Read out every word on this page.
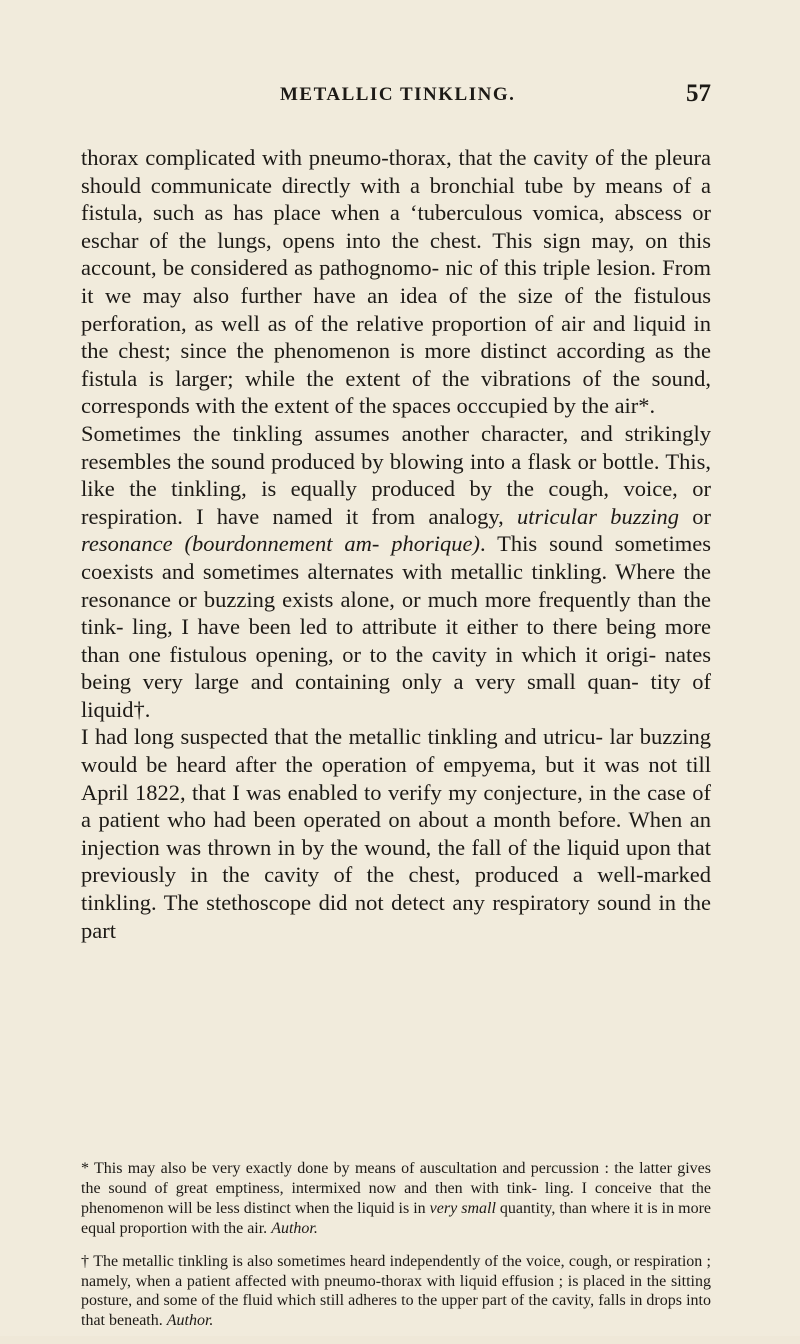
METALLIC TINKLING.	57

thorax complicated with pneumo-thorax, that the cavity of the pleura should communicate directly with a bronchial tube by means of a fistula, such as has place when a ‘tuberculous vomica, abscess or eschar of the lungs, opens into the chest. This sign may, on this account, be considered as pathognomo- nic of this triple lesion. From it we may also further have an idea of the size of the fistulous perforation, as well as of the relative proportion of air and liquid in the chest; since the phenomenon is more distinct according as the fistula is larger; while the extent of the vibrations of the sound, corresponds with the extent of the spaces occcupied by the air*.

Sometimes the tinkling assumes another character, and strikingly resembles the sound produced by blowing into a flask or bottle. This, like the tinkling, is equally produced by the cough, voice, or respiration. I have named it from analogy, utricular buzzing or resonance (bourdonnement am- phorique). This sound sometimes coexists and sometimes alternates with metallic tinkling. Where the resonance or buzzing exists alone, or much more frequently than the tink- ling, I have been led to attribute it either to there being more than one fistulous opening, or to the cavity in which it origi- nates being very large and containing only a very small quan- tity of liquid†.

I had long suspected that the metallic tinkling and utricu- lar buzzing would be heard after the operation of empyema, but it was not till April 1822, that I was enabled to verify my conjecture, in the case of a patient who had been operated on about a month before. When an injection was thrown in by the wound, the fall of the liquid upon that previously in the cavity of the chest, produced a well-marked tinkling. The stethoscope did not detect any respiratory sound in the part

* This may also be very exactly done by means of auscultation and percussion : the latter gives the sound of great emptiness, intermixed now and then with tink- ling. I conceive that the phenomenon will be less distinct when the liquid is in very small quantity, than where it is in more equal proportion with the air. Author.

† The metallic tinkling is also sometimes heard independently of the voice, cough, or respiration ; namely, when a patient affected with pneumo-thorax with liquid effusion ; is placed in the sitting posture, and some of the fluid which still adheres to the upper part of the cavity, falls in drops into that beneath. Author.
